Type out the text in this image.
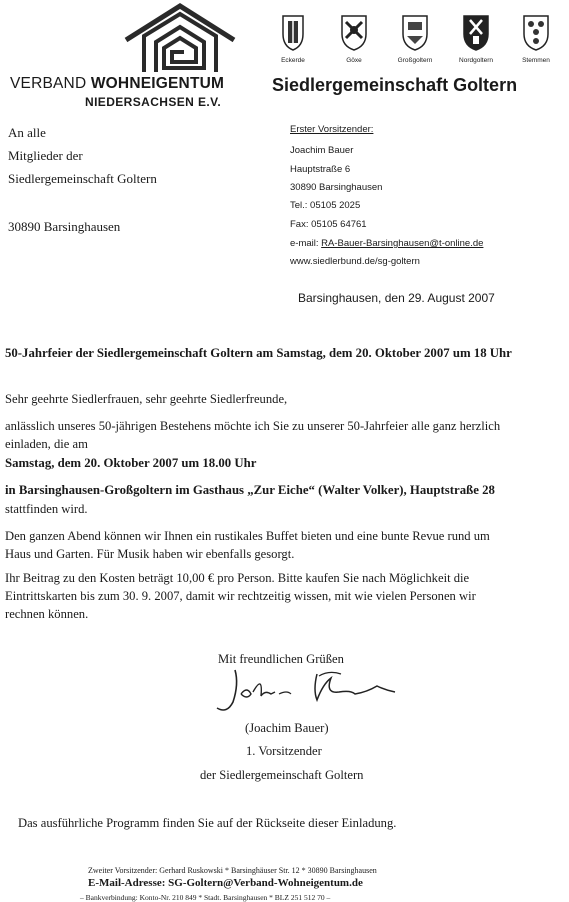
VERBAND WOHNEIGENTUM
NIEDERSACHSEN E.V.
Eckerde	Göxe	Großgoltern	Nordgoltern	Stemmen
Siedlergemeinschaft Goltern
An alle
Mitglieder der
Siedlergemeinschaft Goltern
30890 Barsinghausen
Erster Vorsitzender:
Joachim Bauer
Hauptstraße 6
30890 Barsinghausen
Tel.: 05105 2025
Fax: 05105 64761
e-mail: RA-Bauer-Barsinghausen@t-online.de
www.siedlerbund.de/sg-goltern
Barsinghausen, den 29. August 2007
50-Jahrfeier der Siedlergemeinschaft Goltern am Samstag, dem 20. Oktober 2007 um 18 Uhr
Sehr geehrte Siedlerfrauen, sehr geehrte Siedlerfreunde,
anlässlich unseres 50-jährigen Bestehens möchte ich Sie zu unserer 50-Jahrfeier alle ganz herzlich
einladen, die am
Samstag, dem 20. Oktober 2007 um 18.00 Uhr
in Barsinghausen-Großgoltern im Gasthaus „Zur Eiche“ (Walter Volker), Hauptstraße 28
stattfinden wird.
Den ganzen Abend können wir Ihnen ein rustikales Buffet bieten und eine bunte Revue rund um
Haus und Garten. Für Musik haben wir ebenfalls gesorgt.
Ihr Beitrag zu den Kosten beträgt 10,00 € pro Person. Bitte kaufen Sie nach Möglichkeit die
Eintrittskarten bis zum 30. 9. 2007, damit wir rechtzeitig wissen, mit wie vielen Personen wir
rechnen können.
Mit freundlichen Grüßen
(Joachim Bauer)
1. Vorsitzender
der Siedlergemeinschaft Goltern
Das ausführliche Programm finden Sie auf der Rückseite dieser Einladung.
Zweiter Vorsitzender: Gerhard Ruskowski * Barsinghäuser Str. 12 * 30890 Barsinghausen
E-Mail-Adresse: SG-Goltern@Verband-Wohneigentum.de
– Bankverbindung: Konto-Nr. 210 849 * Stadt. Barsinghausen * BLZ 251 512 70 –
